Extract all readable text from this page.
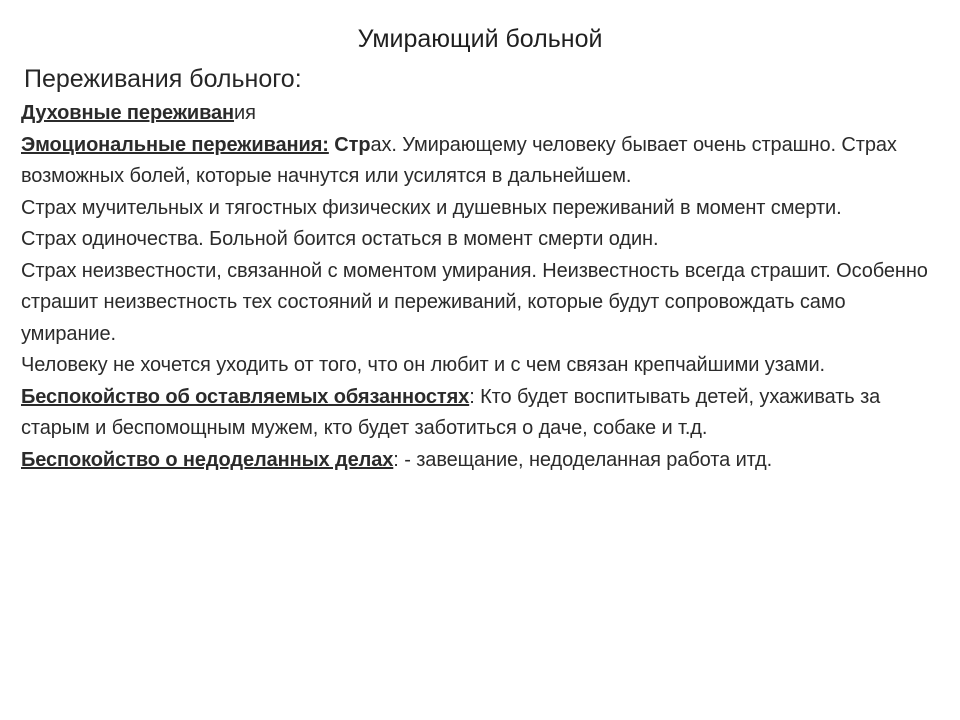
Умирающий больной
Переживания больного:

Духовные переживания

Эмоциональные переживания: Страх. Умирающему человеку бывает очень страшно. Страх возможных болей, которые начнутся или усилятся в дальнейшем.

Страх мучительных и тягостных физических и душевных переживаний в момент смерти.

Страх одиночества. Больной боится остаться в момент смерти один.

Страх неизвестности, связанной с моментом умирания. Неизвестность всегда страшит. Особенно страшит неизвестность тех состояний и переживаний, которые будут сопровождать само умирание.

Человеку не хочется уходить от того, что он любит и с чем связан крепчайшими узами.

Беспокойство об оставляемых обязанностях: Кто будет воспитывать детей, ухаживать за старым и беспомощным мужем, кто будет заботиться о даче, собаке и т.д.

Беспокойство о недоделанных делах: - завещание, недоделанная работа итд.
